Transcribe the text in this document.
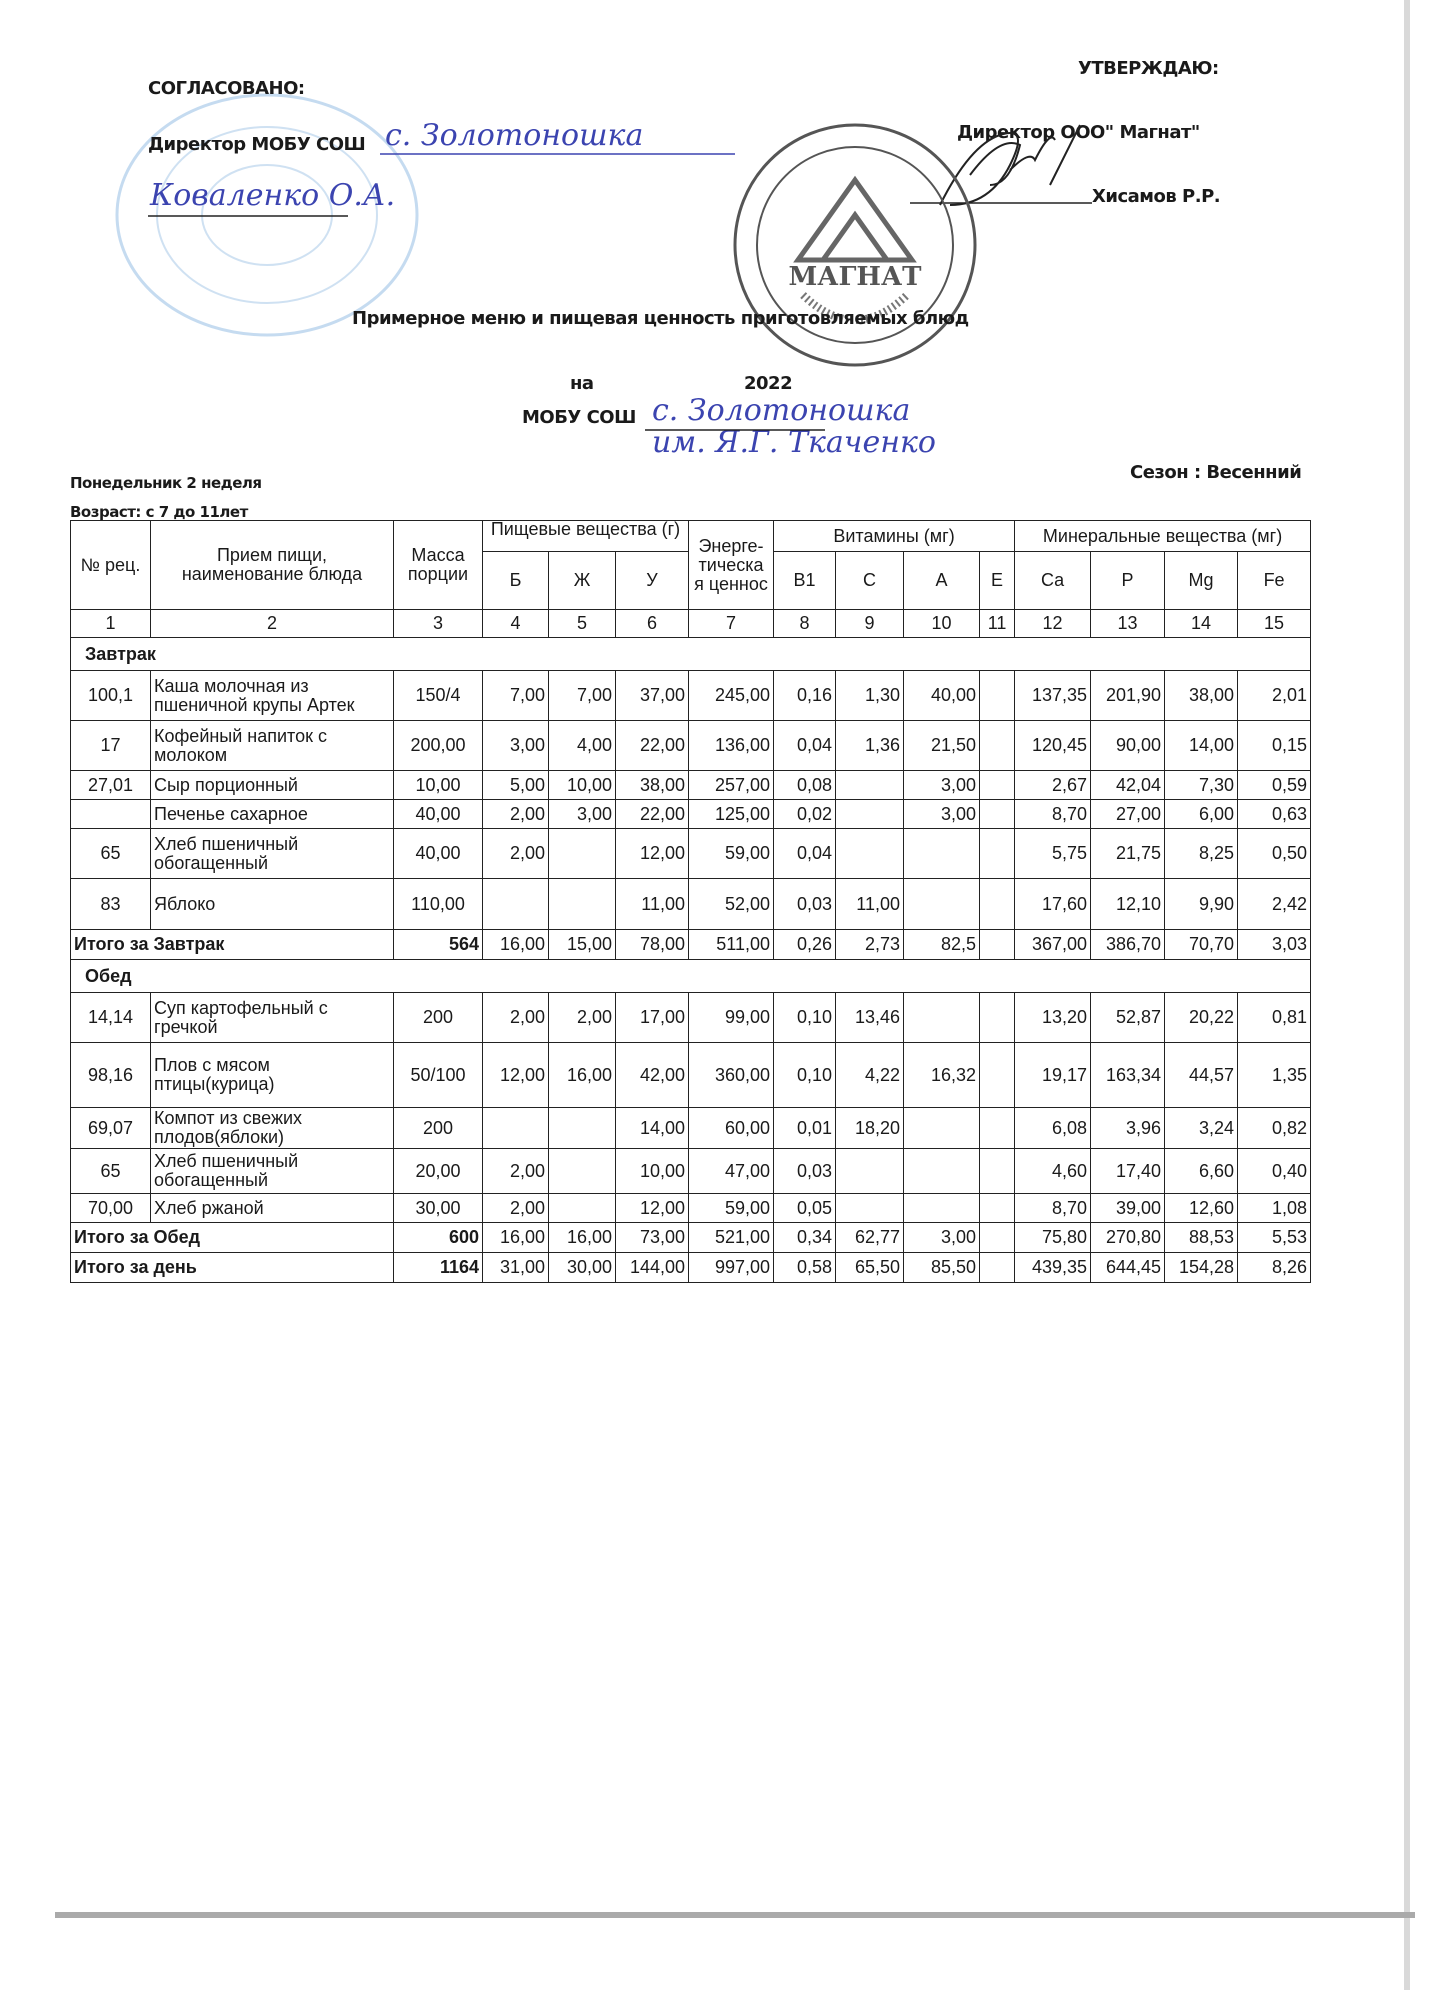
СОГЛАСОВАНО:
Директор МОБУ СОШ с. Золотоношка
Коваленко О.А.
УТВЕРЖДАЮ:
Директор ООО" Магнат"
Хисамов Р.Р.
МАГНАТ
Примерное меню и пищевая ценность приготовляемых блюд
на	2022
МОБУ СОШ с. Золотоношка им. Я.Г. Ткаченко
Понедельник 2 неделя	Сезон : Весенний
Возраст: с 7 до 11лет
№ рец.	Прием пищи, наименование блюда	Масса порции	Пищевые вещества (г)			Энерге-тическа я ценнос	Витамины (мг)				Минеральные вещества (мг)			
			Б	Ж	У		В1	С	А	Е	Са	Р	Mg	Fe
1	2	3	4	5	6	7	8	9	10	11	12	13	14	15
Завтрак														
100,1	Каша молочная из пшеничной крупы Артек	150/4	7,00	7,00	37,00	245,00	0,16	1,30	40,00		137,35	201,90	38,00	2,01
17	Кофейный напиток с молоком	200,00	3,00	4,00	22,00	136,00	0,04	1,36	21,50		120,45	90,00	14,00	0,15
27,01	Сыр порционный	10,00	5,00	10,00	38,00	257,00	0,08		3,00		2,67	42,04	7,30	0,59
	Печенье сахарное	40,00	2,00	3,00	22,00	125,00	0,02		3,00		8,70	27,00	6,00	0,63
65	Хлеб пшеничный обогащенный	40,00	2,00		12,00	59,00	0,04				5,75	21,75	8,25	0,50
83	Яблоко	110,00			11,00	52,00	0,03	11,00			17,60	12,10	9,90	2,42
Итого за Завтрак		564	16,00	15,00	78,00	511,00	0,26	2,73	82,5		367,00	386,70	70,70	3,03
Обед														
14,14	Суп картофельный с гречкой	200	2,00	2,00	17,00	99,00	0,10	13,46			13,20	52,87	20,22	0,81
98,16	Плов с мясом птицы(курица)	50/100	12,00	16,00	42,00	360,00	0,10	4,22	16,32		19,17	163,34	44,57	1,35
69,07	Компот из свежих плодов(яблоки)	200			14,00	60,00	0,01	18,20			6,08	3,96	3,24	0,82
65	Хлеб пшеничный обогащенный	20,00	2,00		10,00	47,00	0,03				4,60	17,40	6,60	0,40
70,00	Хлеб ржаной	30,00	2,00		12,00	59,00	0,05				8,70	39,00	12,60	1,08
Итого за Обед		600	16,00	16,00	73,00	521,00	0,34	62,77	3,00		75,80	270,80	88,53	5,53
Итого за день		1164	31,00	30,00	144,00	997,00	0,58	65,50	85,50		439,35	644,45	154,28	8,26
